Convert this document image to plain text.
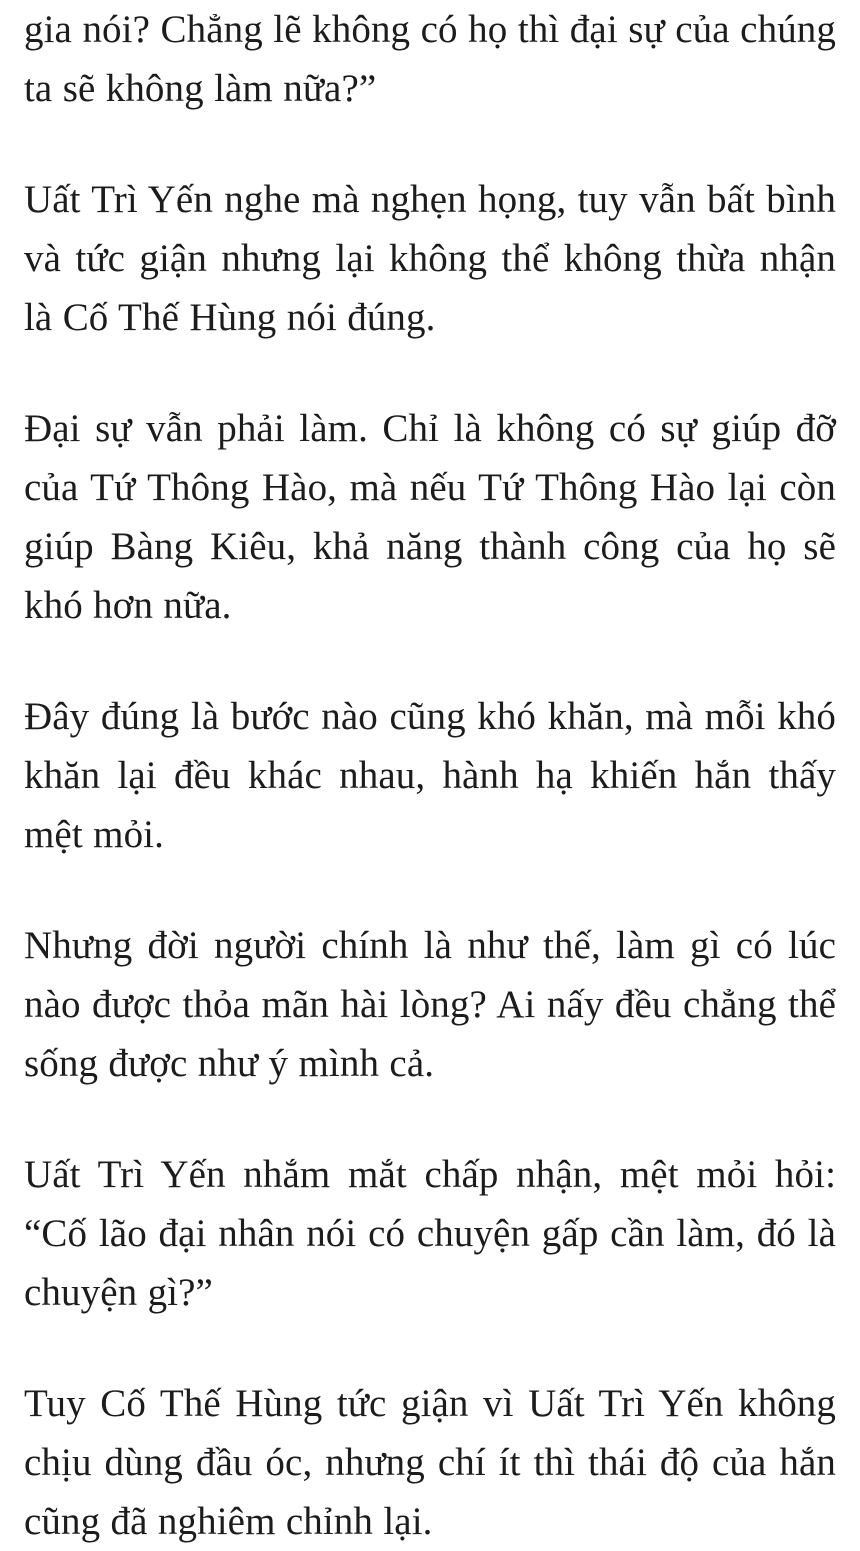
gia nói? Chẳng lẽ không có họ thì đại sự của chúng ta sẽ không làm nữa?”

Uất Trì Yến nghe mà nghẹn họng, tuy vẫn bất bình và tức giận nhưng lại không thể không thừa nhận là Cố Thế Hùng nói đúng.

Đại sự vẫn phải làm. Chỉ là không có sự giúp đỡ của Tứ Thông Hào, mà nếu Tứ Thông Hào lại còn giúp Bàng Kiêu, khả năng thành công của họ sẽ khó hơn nữa.

Đây đúng là bước nào cũng khó khăn, mà mỗi khó khăn lại đều khác nhau, hành hạ khiến hắn thấy mệt mỏi.

Nhưng đời người chính là như thế, làm gì có lúc nào được thỏa mãn hài lòng? Ai nấy đều chẳng thể sống được như ý mình cả.

Uất Trì Yến nhắm mắt chấp nhận, mệt mỏi hỏi: “Cố lão đại nhân nói có chuyện gấp cần làm, đó là chuyện gì?”

Tuy Cố Thế Hùng tức giận vì Uất Trì Yến không chịu dùng đầu óc, nhưng chí ít thì thái độ của hắn cũng đã nghiêm chỉnh lại.
